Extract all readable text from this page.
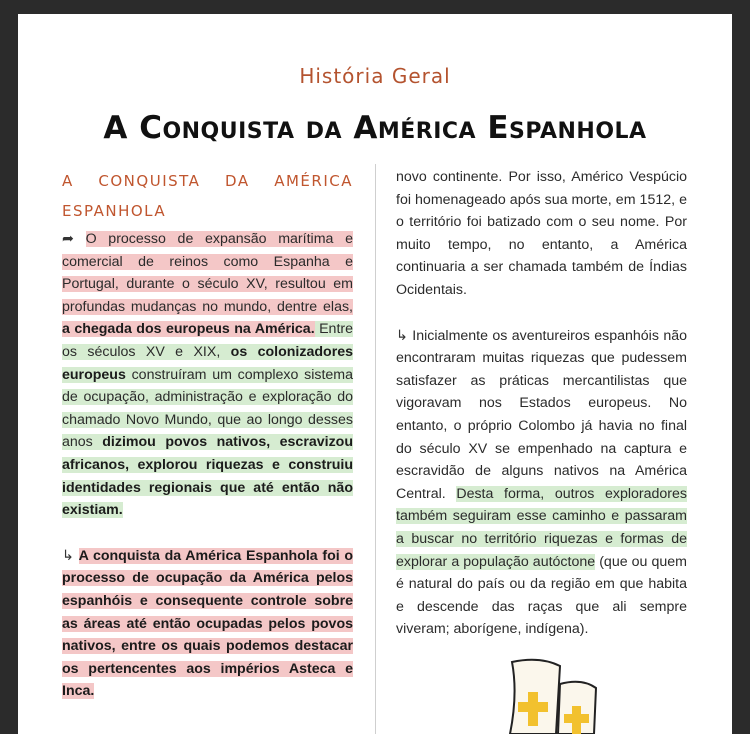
História Geral
A Conquista da América Espanhola
A CONQUISTA DA AMÉRICA ESPANHOLA

➦ O processo de expansão marítima e comercial de reinos como Espanha e Portugal, durante o século XV, resultou em profundas mudanças no mundo, dentre elas, a chegada dos europeus na América. Entre os séculos XV e XIX, os colonizadores europeus construíram um complexo sistema de ocupação, administração e exploração do chamado Novo Mundo, que ao longo desses anos dizimou povos nativos, escravizou africanos, explorou riquezas e construiu identidades regionais que até então não existiam.

↳ A conquista da América Espanhola foi o processo de ocupação da América pelos espanhóis e consequente controle sobre as áreas até então ocupadas pelos povos nativos, entre os quais podemos destacar os pertencentes aos impérios Asteca e Inca.

novo continente. Por isso, Américo Vespúcio foi homenageado após sua morte, em 1512, e o território foi batizado com o seu nome. Por muito tempo, no entanto, a América continuaria a ser chamada também de Índias Ocidentais.

↳ Inicialmente os aventureiros espanhóis não encontraram muitas riquezas que pudessem satisfazer as práticas mercantilistas que vigoravam nos Estados europeus. No entanto, o próprio Colombo já havia no final do século XV se empenhado na captura e escravidão de alguns nativos na América Central. Desta forma, outros exploradores também seguiram esse caminho e passaram a buscar no território riquezas e formas de explorar a população autóctone (que ou quem é natural do país ou da região em que habita e descende das raças que ali sempre viveram; aborígene, indígena).
